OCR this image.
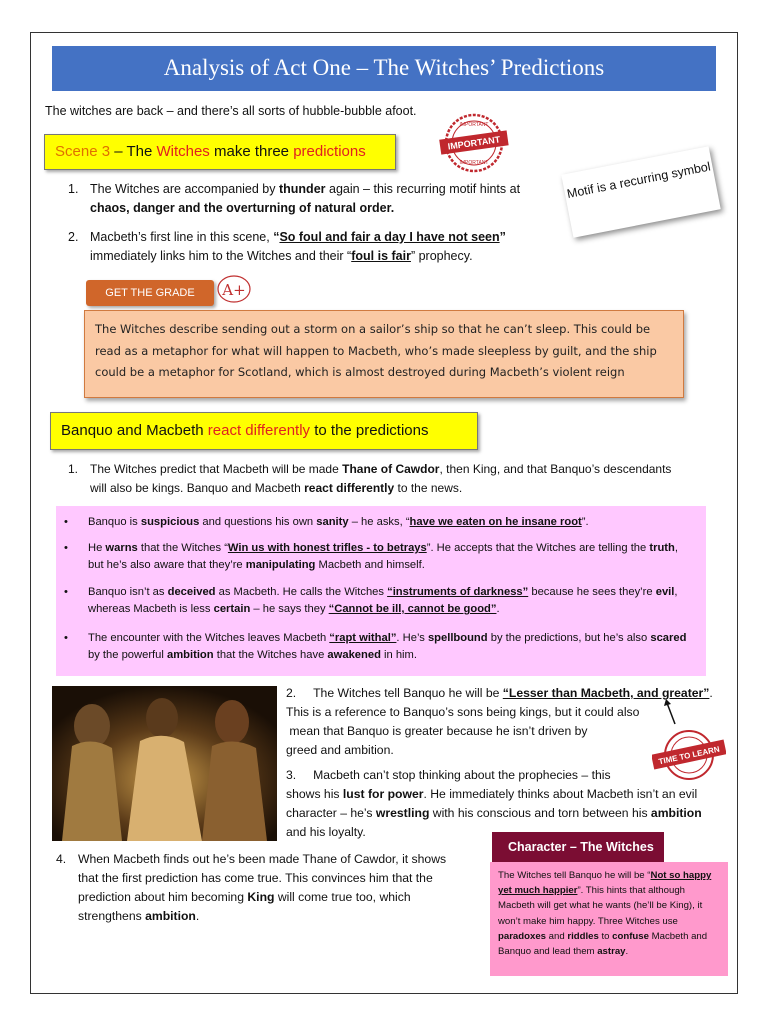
Analysis of Act One – The Witches’ Predictions
The witches are back – and there’s all sorts of hubble-bubble afoot.
Scene 3 – The Witches make three predictions
IMPORTANT
IMPORTANT
IMPORTANT	Motif is a recurring symbol
1. The Witches are accompanied by thunder again – this recurring motif hints at
chaos, danger and the overturning of natural order.
2. Macbeth’s first line in this scene, “So foul and fair a day I have not seen”
immediately links him to the Witches and their “foul is fair” prophecy.
GET THE GRADE	A+
The Witches describe sending out a storm on a sailor’s ship so that he can’t sleep. This could be read as a metaphor for what will happen to Macbeth, who’s made sleepless by guilt, and the ship could be a metaphor for Scotland, which is almost destroyed during Macbeth’s violent reign
Banquo and Macbeth react differently to the predictions
1. The Witches predict that Macbeth will be made Thane of Cawdor, then King, and that Banquo’s descendants
will also be kings. Banquo and Macbeth react differently to the news.
• Banquo is suspicious and questions his own sanity – he asks, “have we eaten on he insane root”.
• He warns that the Witches “Win us with honest trifles - to betrays”. He accepts that the Witches are telling the truth,
but he’s also aware that they’re manipulating Macbeth and himself.
• Banquo isn’t as deceived as Macbeth. He calls the Witches “instruments of darkness” because he sees they’re evil,
whereas Macbeth is less certain – he says they “Cannot be ill, cannot be good”.
• The encounter with the Witches leaves Macbeth “rapt withal”. He’s spellbound by the predictions, but he’s also scared
by the powerful ambition that the Witches have awakened in him.
2. The Witches tell Banquo he will be “Lesser than Macbeth, and greater”.
This is a reference to Banquo’s sons being kings, but it could also
mean that Banquo is greater because he isn’t driven by
greed and ambition.	TIME TO LEARN
3. Macbeth can’t stop thinking about the prophecies – this
shows his lust for power. He immediately thinks about Macbeth isn’t an evil
character – he’s wrestling with his conscious and torn between his ambition
and his loyalty.
4. When Macbeth finds out he’s been made Thane of Cawdor, it shows
that the first prediction has come true. This convinces him that the
prediction about him becoming King will come true too, which
strengthens ambition.
Character – The Witches
The Witches tell Banquo he will be “Not so happy yet much happier”. This hints that although Macbeth will get what he wants (he’ll be King), it won’t make him happy. Three Witches use paradoxes and riddles to confuse Macbeth and Banquo and lead them astray.
